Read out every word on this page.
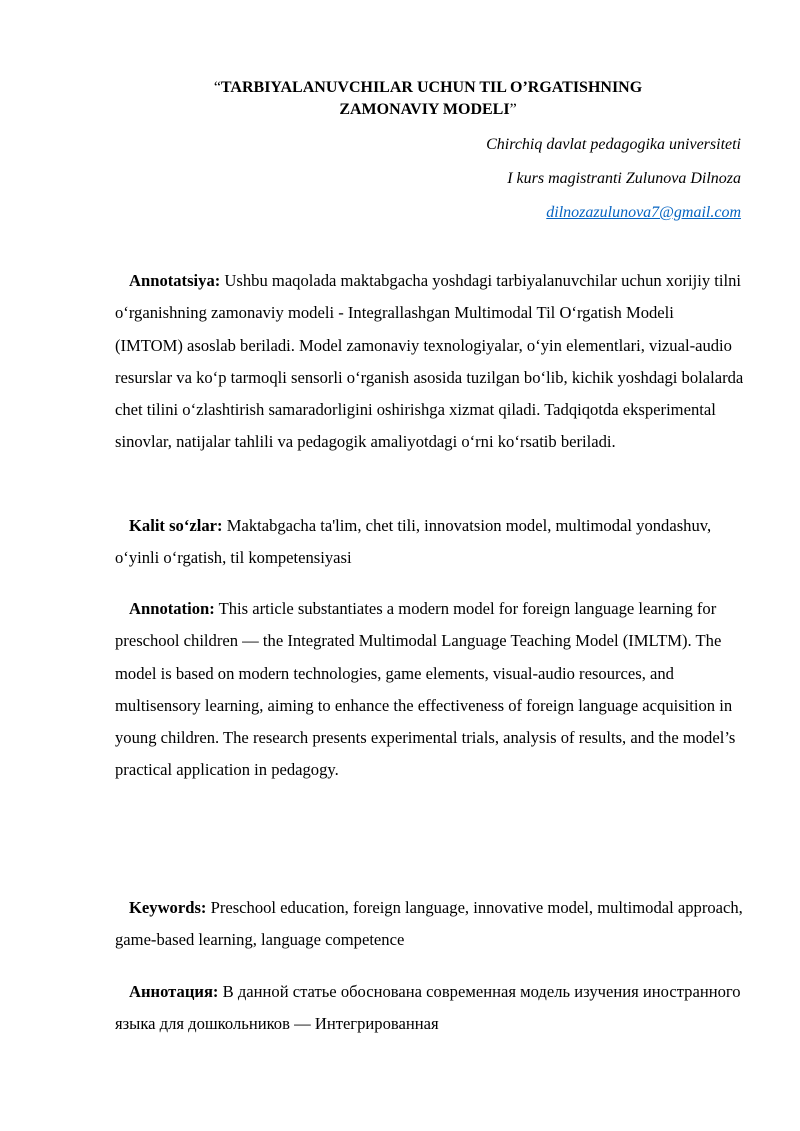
“TARBIYALANUVCHILAR UCHUN TIL O’RGATISHNING
ZAMONAVIY MODELI”
Chirchiq davlat pedagogika universiteti
I kurs magistranti Zulunova Dilnoza
dilnozazulunova7@gmail.com

Annotatsiya: Ushbu maqolada maktabgacha yoshdagi tarbiyalanuvchilar uchun xorijiy tilni o‘rganishning zamonaviy modeli - Integrallashgan Multimodal Til O‘rgatish Modeli (IMTOM) asoslab beriladi. Model zamonaviy texnologiyalar, o‘yin elementlari, vizual-audio resurslar va ko‘p tarmoqli sensorli o‘rganish asosida tuzilgan bo‘lib, kichik yoshdagi bolalarda chet tilini o‘zlashtirish samaradorligini oshirishga xizmat qiladi. Tadqiqotda eksperimental sinovlar, natijalar tahlili va pedagogik amaliyotdagi o‘rni ko‘rsatib beriladi.

Kalit so‘zlar: Maktabgacha ta'lim, chet tili, innovatsion model, multimodal yondashuv, o‘yinli o‘rgatish, til kompetensiyasi

Annotation: This article substantiates a modern model for foreign language learning for preschool children — the Integrated Multimodal Language Teaching Model (IMLTM). The model is based on modern technologies, game elements, visual-audio resources, and multisensory learning, aiming to enhance the effectiveness of foreign language acquisition in young children. The research presents experimental trials, analysis of results, and the model’s practical application in pedagogy.

Keywords: Preschool education, foreign language, innovative model, multimodal approach, game-based learning, language competence

Аннотация: В данной статье обоснована современная модель изучения иностранного языка для дошкольников — Интегрированная
